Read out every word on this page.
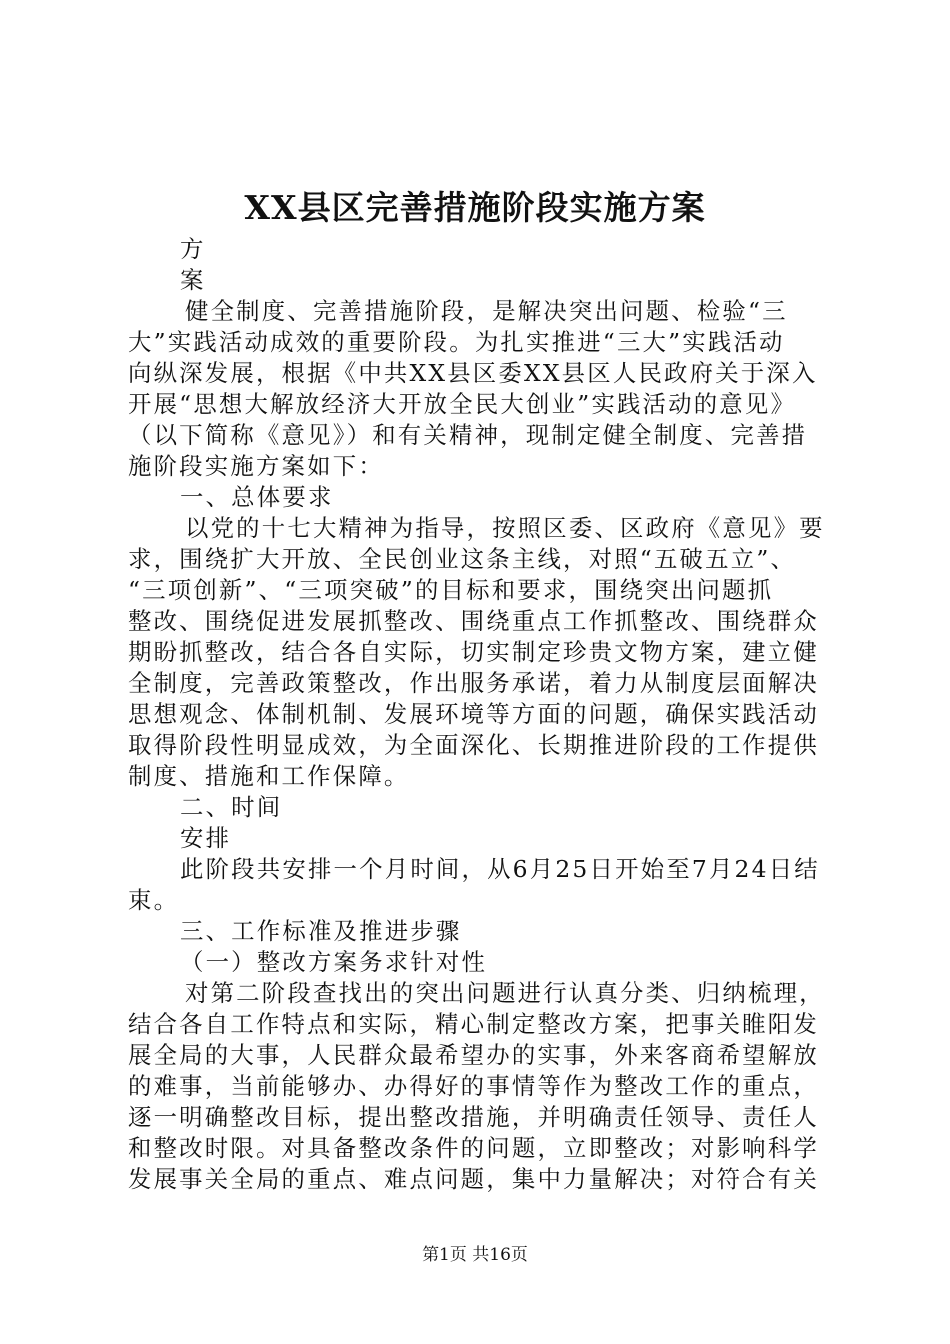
XX县区完善措施阶段实施方案

方

案

健全制度、完善措施阶段，是解决突出问题、检验“三

大”实践活动成效的重要阶段。为扎实推进“三大”实践活动

向纵深发展，根据《中共XX县区委XX县区人民政府关于深入

开展“思想大解放经济大开放全民大创业”实践活动的意见》

（以下简称《意见》）和有关精神，现制定健全制度、完善措

施阶段实施方案如下：

一、总体要求

以党的十七大精神为指导，按照区委、区政府《意见》要

求，围绕扩大开放、全民创业这条主线，对照“五破五立”、

“三项创新”、“三项突破”的目标和要求，围绕突出问题抓

整改、围绕促进发展抓整改、围绕重点工作抓整改、围绕群众

期盼抓整改，结合各自实际，切实制定珍贵文物方案，建立健

全制度，完善政策整改，作出服务承诺，着力从制度层面解决

思想观念、体制机制、发展环境等方面的问题，确保实践活动

取得阶段性明显成效，为全面深化、长期推进阶段的工作提供

制度、措施和工作保障。

二、时间

安排

此阶段共安排一个月时间，从6月25日开始至7月24日结

束。

三、工作标准及推进步骤

（一）整改方案务求针对性

对第二阶段查找出的突出问题进行认真分类、归纳梳理，

结合各自工作特点和实际，精心制定整改方案，把事关睢阳发

展全局的大事，人民群众最希望办的实事，外来客商希望解放

的难事，当前能够办、办得好的事情等作为整改工作的重点，

逐一明确整改目标，提出整改措施，并明确责任领导、责任人

和整改时限。对具备整改条件的问题，立即整改；对影响科学

发展事关全局的重点、难点问题，集中力量解决；对符合有关

第1页 共16页
